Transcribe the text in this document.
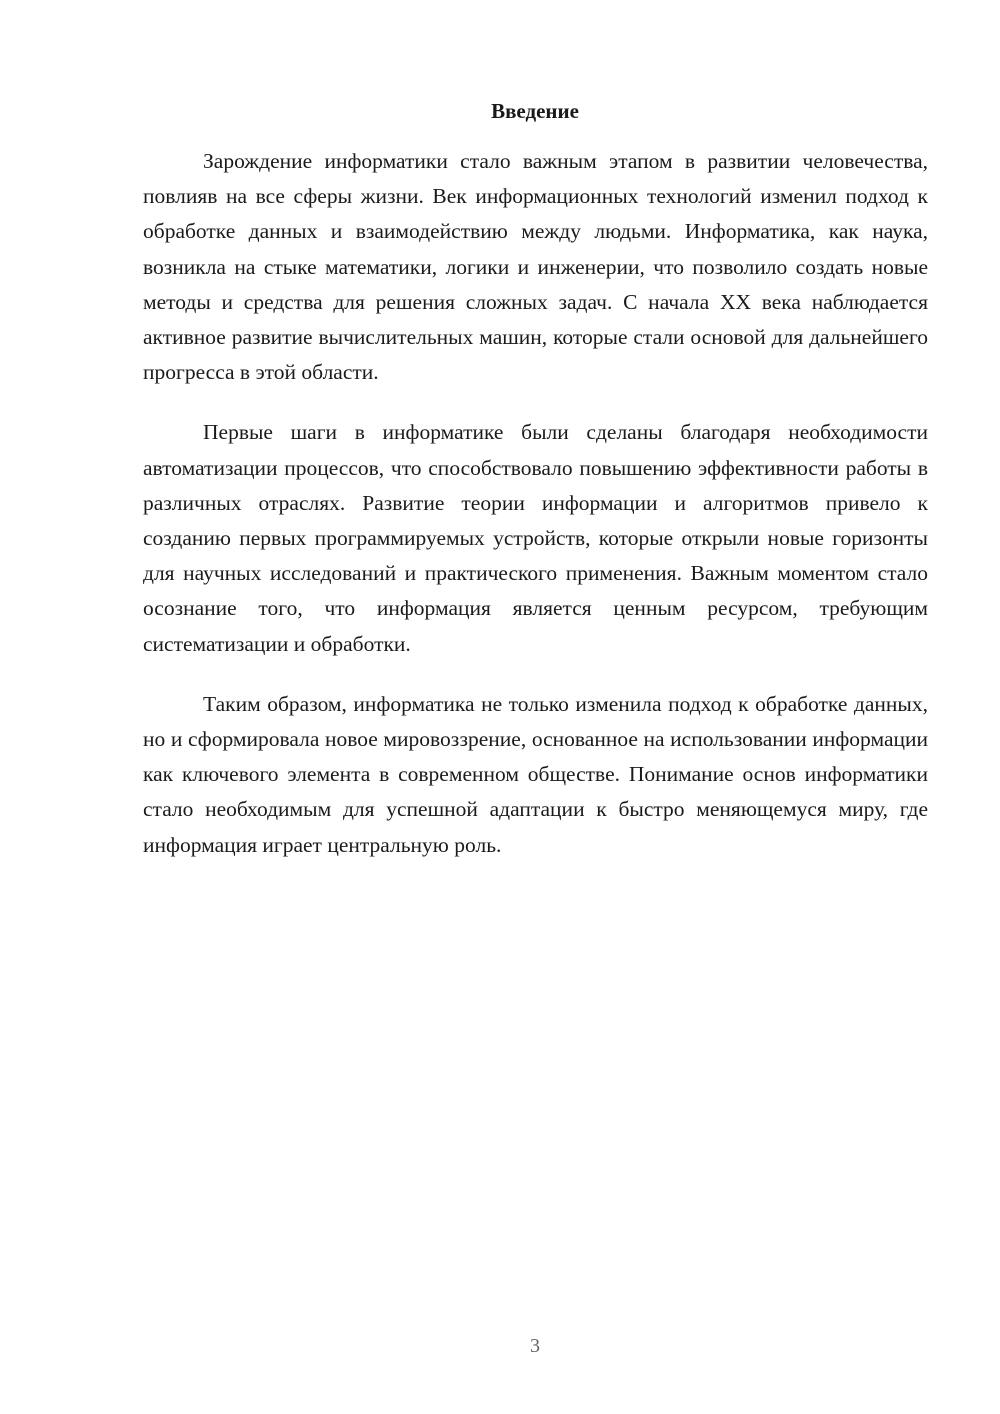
Введение

Зарождение информатики стало важным этапом в развитии человечества, повлияв на все сферы жизни. Век информационных технологий изменил подход к обработке данных и взаимодействию между людьми. Информатика, как наука, возникла на стыке математики, логики и инженерии, что позволило создать новые методы и средства для решения сложных задач. С начала XX века наблюдается активное развитие вычислительных машин, которые стали основой для дальнейшего прогресса в этой области.

Первые шаги в информатике были сделаны благодаря необходимости автоматизации процессов, что способствовало повышению эффективности работы в различных отраслях. Развитие теории информации и алгоритмов привело к созданию первых программируемых устройств, которые открыли новые горизонты для научных исследований и практического применения. Важным моментом стало осознание того, что информация является ценным ресурсом, требующим систематизации и обработки.

Таким образом, информатика не только изменила подход к обработке данных, но и сформировала новое мировоззрение, основанное на использовании информации как ключевого элемента в современном обществе. Понимание основ информатики стало необходимым для успешной адаптации к быстро меняющемуся миру, где информация играет центральную роль.

3
